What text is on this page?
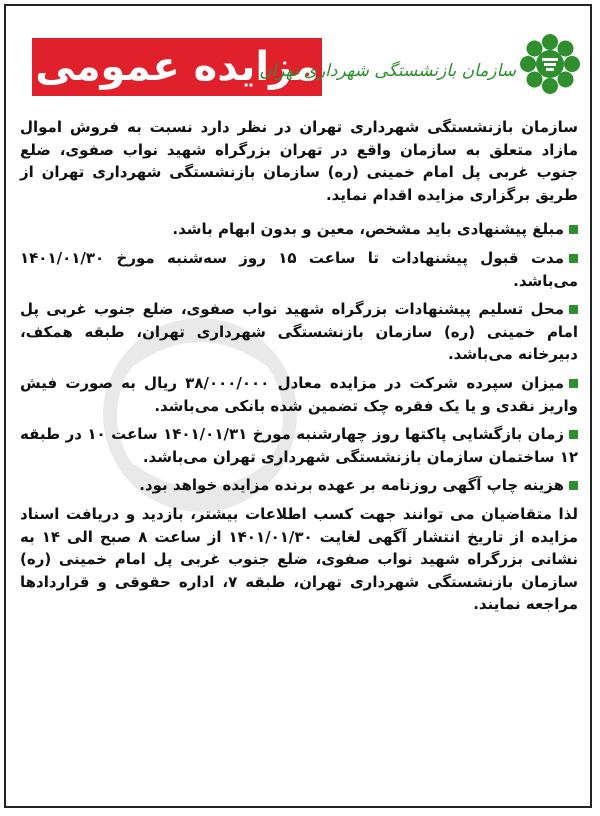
مزایده عمومی
سازمان بازنشستگی شهرداری تهران

سازمان بازنشستگی شهرداری تهران در نظر دارد نسبت به فروش اموال مازاد متعلق به سازمان واقع در تهران بزرگراه شهید نواب صفوی، ضلع جنوب غربی پل امام خمینی (ره) سازمان بازنشستگی شهرداری تهران از طریق برگزاری مزایده اقدام نماید.

مبلغ پیشنهادی باید مشخص، معین و بدون ابهام باشد.

مدت قبول پیشنهادات تا ساعت ۱۵ روز سه‌شنبه مورخ ۱۴۰۱/۰۱/۳۰ می‌باشد.

محل تسلیم پیشنهادات بزرگراه شهید نواب صفوی، ضلع جنوب غربی پل امام خمینی (ره) سازمان بازنشستگی شهرداری تهران، طبقه همکف، دبیرخانه می‌باشد.

میزان سپرده شرکت در مزایده معادل ۳۸/۰۰۰/۰۰۰ ریال به صورت فیش واریز نقدی و یا یک فقره چک تضمین شده بانکی می‌باشد.

زمان بازگشایی پاکتها روز چهارشنبه مورخ ۱۴۰۱/۰۱/۳۱ ساعت ۱۰ در طبقه ۱۲ ساختمان سازمان بازنشستگی شهرداری تهران می‌باشد.

هزینه چاپ آگهی روزنامه بر عهده برنده مزایده خواهد بود.

لذا متقاضیان می توانند جهت کسب اطلاعات بیشتر، بازدید و دریافت اسناد مزایده از تاریخ انتشار آگهی لغایت ۱۴۰۱/۰۱/۳۰ از ساعت ۸ صبح الی ۱۴ به نشانی بزرگراه شهید نواب صفوی، ضلع جنوب غربی پل امام خمینی (ره) سازمان بازنشستگی شهرداری تهران، طبقه ۷، اداره حقوقی و قراردادها مراجعه نمایند.
